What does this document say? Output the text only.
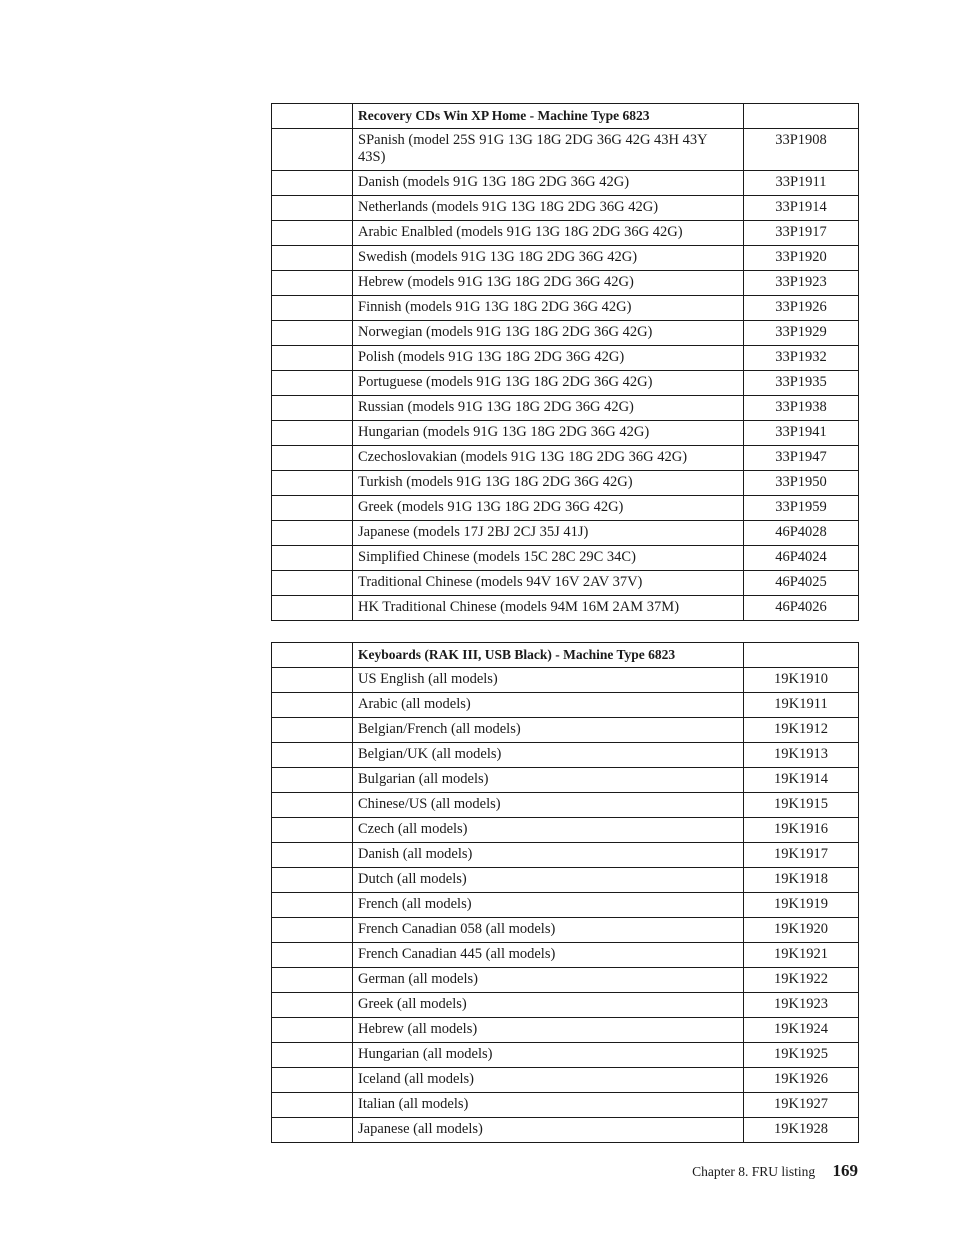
	Recovery CDs Win XP Home - Machine Type 6823	
	SPanish (model 25S 91G 13G 18G 2DG 36G 42G 43H 43Y 43S)	33P1908
	Danish (models 91G 13G 18G 2DG 36G 42G)	33P1911
	Netherlands (models 91G 13G 18G 2DG 36G 42G)	33P1914
	Arabic Enalbled (models 91G 13G 18G 2DG 36G 42G)	33P1917
	Swedish (models 91G 13G 18G 2DG 36G 42G)	33P1920
	Hebrew (models 91G 13G 18G 2DG 36G 42G)	33P1923
	Finnish (models 91G 13G 18G 2DG 36G 42G)	33P1926
	Norwegian (models 91G 13G 18G 2DG 36G 42G)	33P1929
	Polish (models 91G 13G 18G 2DG 36G 42G)	33P1932
	Portuguese (models 91G 13G 18G 2DG 36G 42G)	33P1935
	Russian (models 91G 13G 18G 2DG 36G 42G)	33P1938
	Hungarian (models 91G 13G 18G 2DG 36G 42G)	33P1941
	Czechoslovakian (models 91G 13G 18G 2DG 36G 42G)	33P1947
	Turkish (models 91G 13G 18G 2DG 36G 42G)	33P1950
	Greek (models 91G 13G 18G 2DG 36G 42G)	33P1959
	Japanese (models 17J 2BJ 2CJ 35J 41J)	46P4028
	Simplified Chinese (models 15C 28C 29C 34C)	46P4024
	Traditional Chinese (models 94V 16V 2AV 37V)	46P4025
	HK Traditional Chinese (models 94M 16M 2AM 37M)	46P4026
	Keyboards (RAK III, USB Black) - Machine Type 6823	
	US English (all models)	19K1910
	Arabic (all models)	19K1911
	Belgian/French (all models)	19K1912
	Belgian/UK (all models)	19K1913
	Bulgarian (all models)	19K1914
	Chinese/US (all models)	19K1915
	Czech (all models)	19K1916
	Danish (all models)	19K1917
	Dutch (all models)	19K1918
	French (all models)	19K1919
	French Canadian 058 (all models)	19K1920
	French Canadian 445 (all models)	19K1921
	German (all models)	19K1922
	Greek (all models)	19K1923
	Hebrew (all models)	19K1924
	Hungarian (all models)	19K1925
	Iceland (all models)	19K1926
	Italian (all models)	19K1927
	Japanese (all models)	19K1928
Chapter 8. FRU listing 169
